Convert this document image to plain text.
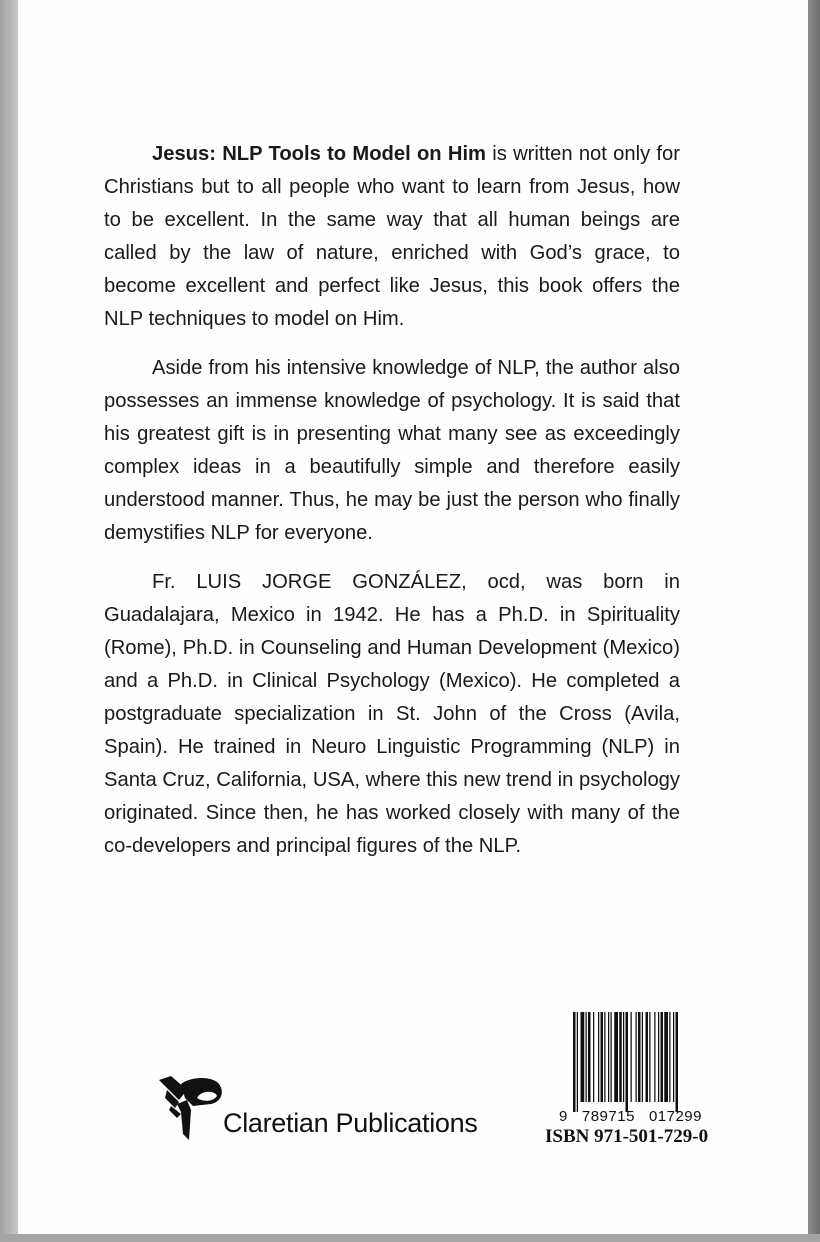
Jesus: NLP Tools to Model on Him is written not only for Christians but to all people who want to learn from Jesus, how to be excellent. In the same way that all human beings are called by the law of nature, enriched with God’s grace, to become excellent and perfect like Jesus, this book offers the NLP techniques to model on Him.

Aside from his intensive knowledge of NLP, the author also possesses an immense knowledge of psychology. It is said that his greatest gift is in presenting what many see as exceedingly complex ideas in a beautifully simple and therefore easily understood manner. Thus, he may be just the person who finally demystifies NLP for everyone.

Fr. LUIS JORGE GONZÁLEZ, ocd, was born in Guadalajara, Mexico in 1942. He has a Ph.D. in Spirituality (Rome), Ph.D. in Counseling and Human Development (Mexico) and a Ph.D. in Clinical Psychology (Mexico). He completed a postgraduate specialization in St. John of the Cross (Avila, Spain). He trained in Neuro Linguistic Programming (NLP) in Santa Cruz, California, USA, where this new trend in psychology originated. Since then, he has worked closely with many of the co-developers and principal figures of the NLP.

Claretian Publications	9 789715 017299
ISBN 971-501-729-0
